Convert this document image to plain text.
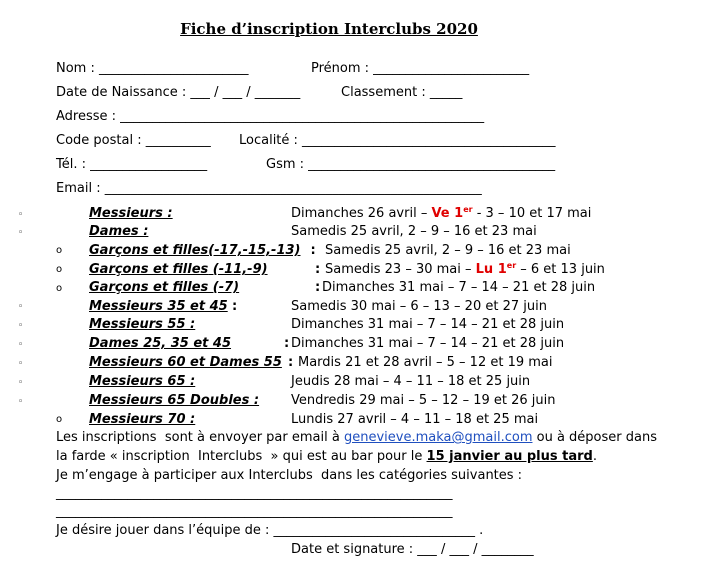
Fiche d’inscription Interclubs 2020
Nom : _______________________	Prénom : ________________________
Date de Naissance : ___ / ___ / _______	Classement : _____
Adresse : ________________________________________________________
Code postal : __________ Localité : _______________________________________
Tél. : __________________	Gsm : ______________________________________
Email : __________________________________________________________
◦	Messieurs :	Dimanches 26 avril – Ve 1er - 3 – 10 et 17 mai
◦	Dames :	Samedis 25 avril, 2 – 9 – 16 et 23 mai
o Garçons et filles(-17,-15,-13) : Samedis 25 avril, 2 – 9 – 16 et 23 mai
o Garçons et filles (-11,-9)	: Samedis 23 – 30 mai – Lu 1er – 6 et 13 juin
o Garçons et filles (-7)	: Dimanches 31 mai – 7 – 14 – 21 et 28 juin
◦	Messieurs 35 et 45 :	Samedis 30 mai – 6 – 13 – 20 et 27 juin
◦	Messieurs 55 :	Dimanches 31 mai – 7 – 14 – 21 et 28 juin
◦	Dames 25, 35 et 45	: Dimanches 31 mai – 7 – 14 – 21 et 28 juin
◦	Messieurs 60 et Dames 55 : Mardis 21 et 28 avril – 5 – 12 et 19 mai
◦	Messieurs 65 :	Jeudis 28 mai – 4 – 11 – 18 et 25 juin
◦	Messieurs 65 Doubles : Vendredis 29 mai – 5 – 12 – 19 et 26 juin
o Messieurs 70 :	Lundis 27 avril – 4 – 11 – 18 et 25 mai
Les inscriptions  sont à envoyer par email à genevieve.maka@gmail.com ou à déposer dans
la farde « inscription  Interclubs  » qui est au bar pour le 15 janvier au plus tard.
Je m’engage à participer aux Interclubs  dans les catégories suivantes :
_____________________________________________________________
_____________________________________________________________
Je désire jouer dans l’équipe de : _______________________________ .
Date et signature : ___ / ___ / ________
